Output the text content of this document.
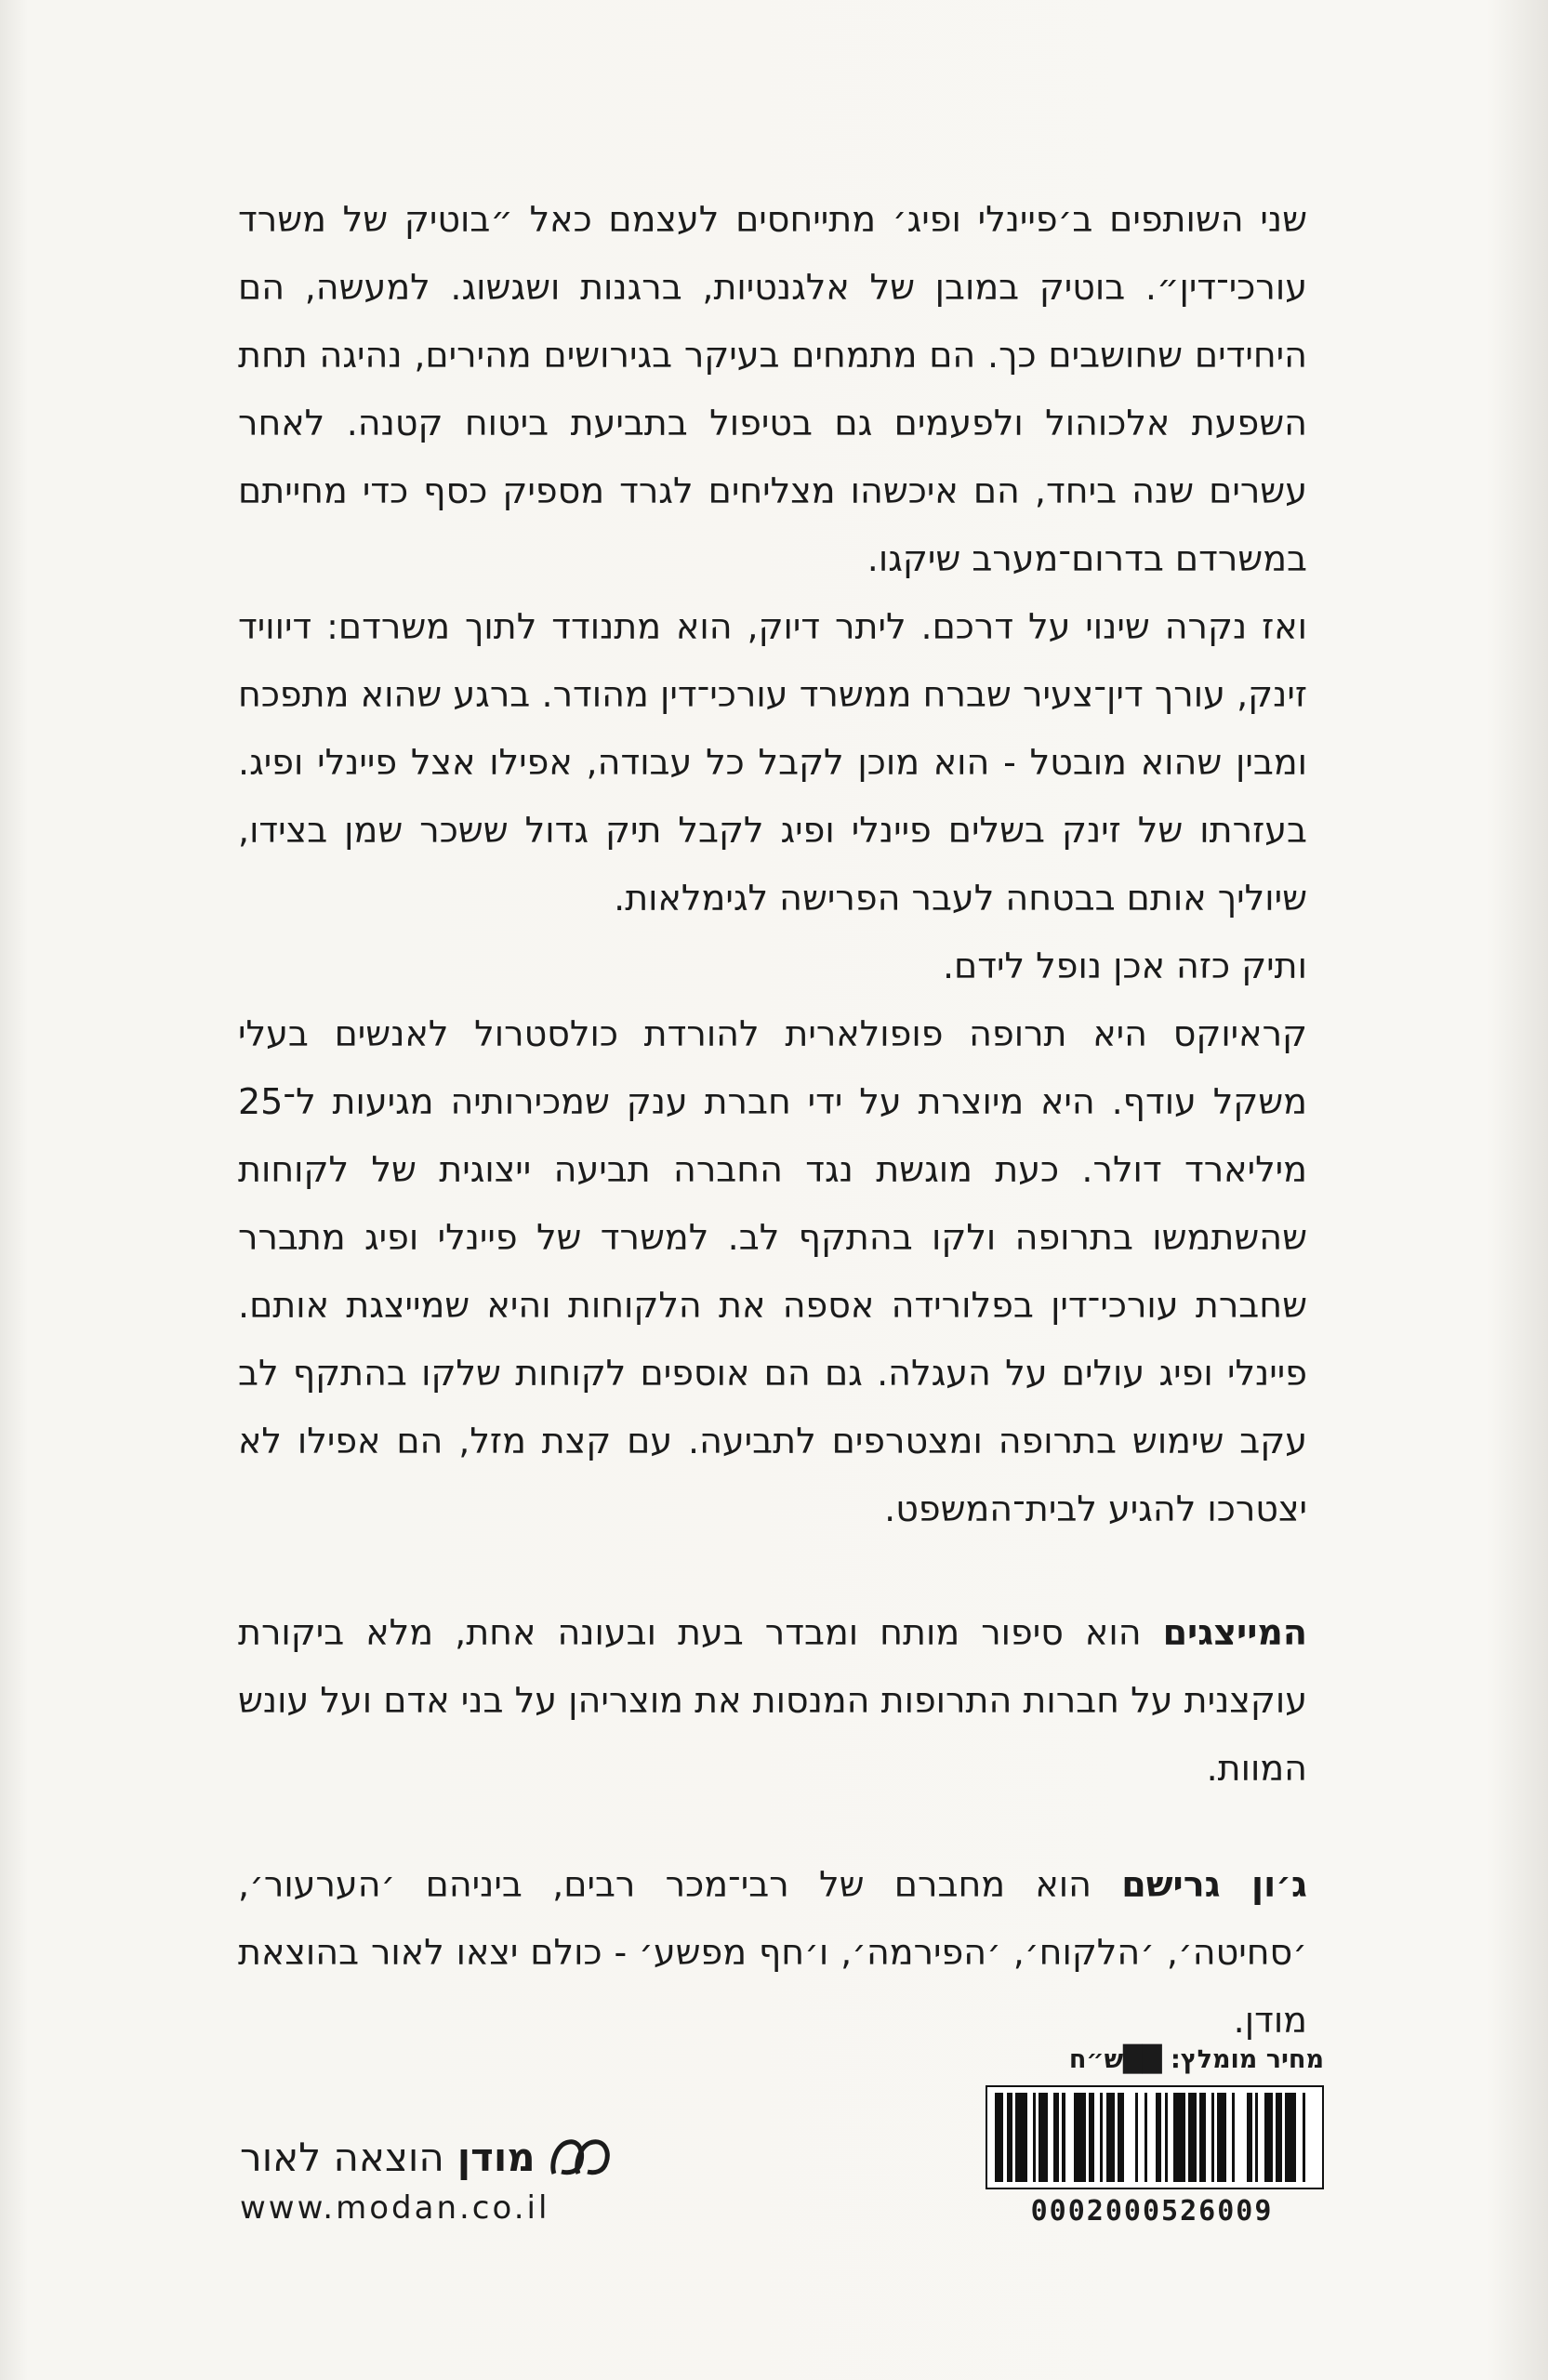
שני השותפים ב׳פיינלי ופיג׳ מתייחסים לעצמם כאל ״בוטיק של משרד עורכי־דין״. בוטיק במובן של אלגנטיות, ברגנות ושגשוג. למעשה, הם היחידים שחושבים כך. הם מתמחים בעיקר בגירושים מהירים, נהיגה תחת השפעת אלכוהול ולפעמים גם בטיפול בתביעת ביטוח קטנה. לאחר עשרים שנה ביחד, הם איכשהו מצליחים לגרד מספיק כסף כדי מחייתם במשרדם בדרום־מערב שיקגו.

ואז נקרה שינוי על דרכם. ליתר דיוק, הוא מתנודד לתוך משרדם: דיוויד זינק, עורך דין־צעיר שברח ממשרד עורכי־דין מהודר. ברגע שהוא מתפכח ומבין שהוא מובטל - הוא מוכן לקבל כל עבודה, אפילו אצל פיינלי ופיג. בעזרתו של זינק בשלים פיינלי ופיג לקבל תיק גדול ששכר שמן בצידו, שיוליך אותם בבטחה לעבר הפרישה לגימלאות.

ותיק כזה אכן נופל לידם.

קראיוקס היא תרופה פופולארית להורדת כולסטרול לאנשים בעלי משקל עודף. היא מיוצרת על ידי חברת ענק שמכירותיה מגיעות ל־25 מיליארד דולר. כעת מוגשת נגד החברה תביעה ייצוגית של לקוחות שהשתמשו בתרופה ולקו בהתקף לב. למשרד של פיינלי ופיג מתברר שחברת עורכי־דין בפלורידה אספה את הלקוחות והיא שמייצגת אותם. פיינלי ופיג עולים על העגלה. גם הם אוספים לקוחות שלקו בהתקף לב עקב שימוש בתרופה ומצטרפים לתביעה. עם קצת מזל, הם אפילו לא יצטרכו להגיע לבית־המשפט.

המייצגים הוא סיפור מותח ומבדר בעת ובעונה אחת, מלא ביקורת עוקצנית על חברות התרופות המנסות את מוצריהן על בני אדם ועל עונש המוות.

ג׳ון גרישם הוא מחברם של רבי־מכר רבים, ביניהם ׳הערעור׳, ׳סחיטה׳, ׳הלקוח׳, ׳הפירמה׳, ו׳חף מפשע׳ - כולם יצאו לאור בהוצאת מודן.

מחיר מומלץ: ██ש״ח
0002000526009
מודן
הוצאה לאור
www.modan.co.il
